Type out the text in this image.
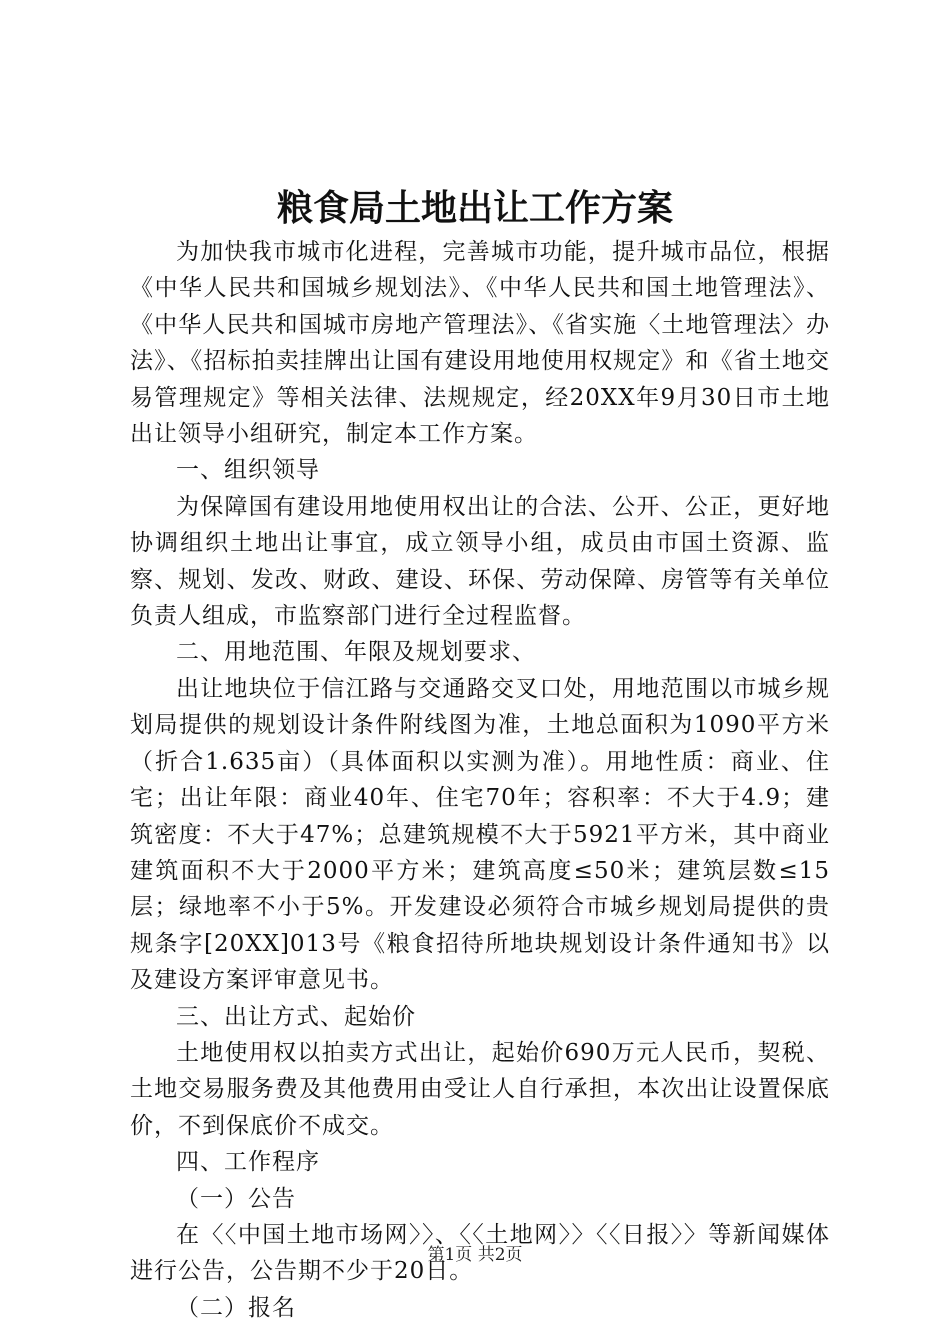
粮食局土地出让工作方案

为加快我市城市化进程，完善城市功能，提升城市品位，根据《中华人民共和国城乡规划法》、《中华人民共和国土地管理法》、《中华人民共和国城市房地产管理法》、《省实施〈土地管理法〉办法》、《招标拍卖挂牌出让国有建设用地使用权规定》和《省土地交易管理规定》等相关法律、法规规定，经20XX年9月30日市土地出让领导小组研究，制定本工作方案。

一、组织领导

为保障国有建设用地使用权出让的合法、公开、公正，更好地协调组织土地出让事宜，成立领导小组，成员由市国土资源、监察、规划、发改、财政、建设、环保、劳动保障、房管等有关单位负责人组成，市监察部门进行全过程监督。

二、用地范围、年限及规划要求、

出让地块位于信江路与交通路交叉口处，用地范围以市城乡规划局提供的规划设计条件附线图为准，土地总面积为1090平方米（折合1.635亩）（具体面积以实测为准）。用地性质：商业、住宅；出让年限：商业40年、住宅70年；容积率：不大于4.9；建筑密度：不大于47%；总建筑规模不大于5921平方米，其中商业建筑面积不大于2000平方米；建筑高度≤50米；建筑层数≤15层；绿地率不小于5%。开发建设必须符合市城乡规划局提供的贵规条字[20XX]013号《粮食招待所地块规划设计条件通知书》以及建设方案评审意见书。

三、出让方式、起始价

土地使用权以拍卖方式出让，起始价690万元人民币，契税、土地交易服务费及其他费用由受让人自行承担，本次出让设置保底价，不到保底价不成交。

四、工作程序

（一）公告

在〈〈中国土地市场网〉〉、〈〈土地网〉〉〈〈日报〉〉等新闻媒体进行公告，公告期不少于20日。

（二）报名

第1页 共2页
